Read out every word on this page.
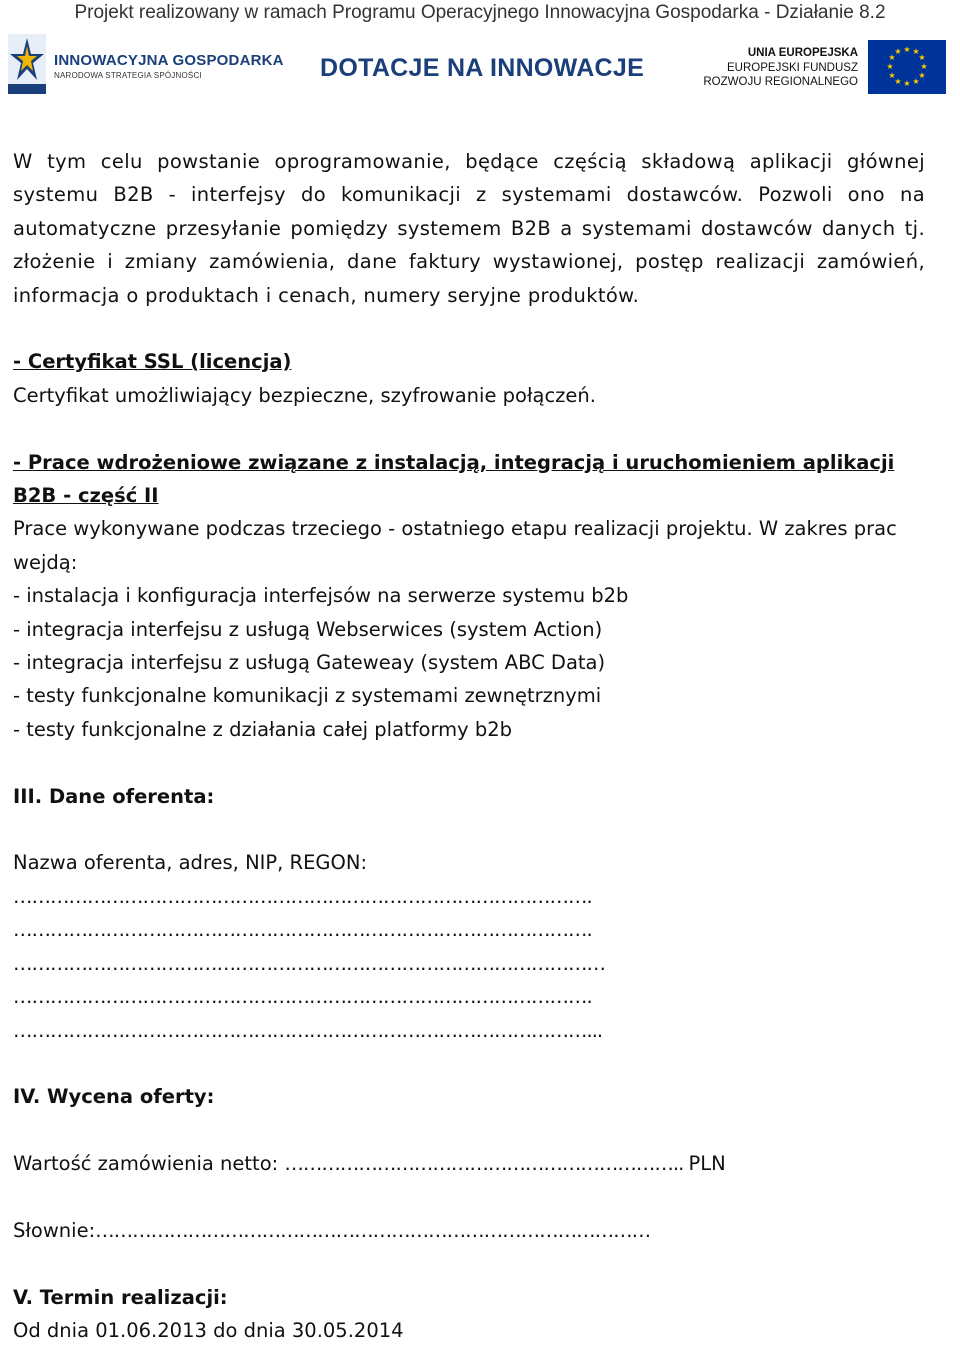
Projekt realizowany w ramach Programu Operacyjnego Innowacyjna Gospodarka - Działanie 8.2
INNOWACYJNA GOSPODARKA
NARODOWA STRATEGIA SPÓJNOŚCI	DOTACJE NA INNOWACJE
UNIA EUROPEJSKA
EUROPEJSKI FUNDUSZ
ROZWOJU REGIONALNEGO
★ ★
★
★
★
★
★
★
★
★
★
★

W tym celu powstanie oprogramowanie, będące częścią składową aplikacji głównej systemu B2B - interfejsy do komunikacji z systemami dostawców. Pozwoli ono na automatyczne przesyłanie pomiędzy systemem B2B a systemami dostawców danych tj. złożenie i zmiany zamówienia, dane faktury wystawionej, postęp realizacji zamówień, informacja o produktach i cenach, numery seryjne produktów.

- Certyfikat SSL (licencja)

Certyfikat umożliwiający bezpieczne, szyfrowanie połączeń.

- Prace wdrożeniowe związane z instalacją, integracją i uruchomieniem aplikacji B2B - część II

Prace wykonywane podczas trzeciego - ostatniego etapu realizacji projektu. W zakres prac wejdą:

- instalacja i konfiguracja interfejsów na serwerze systemu b2b

- integracja interfejsu z usługą Webserwices (system Action)

- integracja interfejsu z usługą Gateweay (system ABC Data)

- testy funkcjonalne komunikacji z systemami zewnętrznymi

- testy funkcjonalne z działania całej platformy b2b

III. Dane oferenta:

Nazwa oferenta, adres, NIP, REGON:

………………………………………………………………………………….

………………………………………………………………………………….

……………………………………………………………………………………

………………………………………………………………………………….

…………………………………………………………………………………...

IV. Wycena oferty:

Wartość zamówienia netto: ……………………………………………………….. PLN

Słownie:………………………………………………………………………………

V. Termin realizacji:

Od dnia 01.06.2013 do dnia 30.05.2014
